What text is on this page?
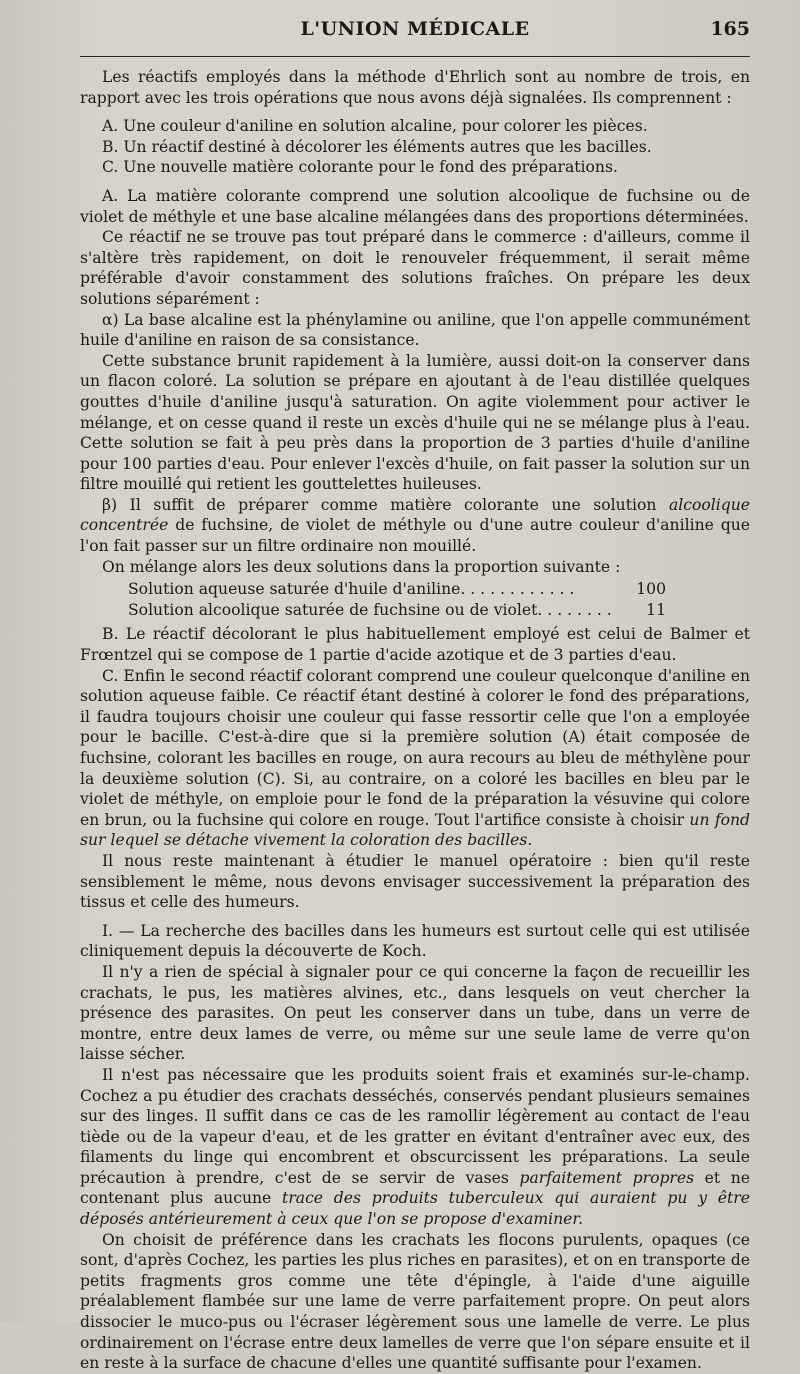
L'UNION MÉDICALE	165

Les réactifs employés dans la méthode d'Ehrlich sont au nombre de trois, en rapport avec les trois opérations que nous avons déjà signalées. Ils comprennent :

A. Une couleur d'aniline en solution alcaline, pour colorer les pièces.

B. Un réactif destiné à décolorer les éléments autres que les bacilles.

C. Une nouvelle matière colorante pour le fond des préparations.

A. La matière colorante comprend une solution alcoolique de fuchsine ou de violet de méthyle et une base alcaline mélangées dans des proportions déterminées.

Ce réactif ne se trouve pas tout préparé dans le commerce : d'ailleurs, comme il s'altère très rapidement, on doit le renouveler fréquemment, il serait même préférable d'avoir constamment des solutions fraîches. On prépare les deux solutions séparément :

α) La base alcaline est la phénylamine ou aniline, que l'on appelle communément huile d'aniline en raison de sa consistance.

Cette substance brunit rapidement à la lumière, aussi doit-on la conserver dans un flacon coloré. La solution se prépare en ajoutant à de l'eau distillée quelques gouttes d'huile d'aniline jusqu'à saturation. On agite violemment pour activer le mélange, et on cesse quand il reste un excès d'huile qui ne se mélange plus à l'eau. Cette solution se fait à peu près dans la proportion de 3 parties d'huile d'aniline pour 100 parties d'eau. Pour enlever l'excès d'huile, on fait passer la solution sur un filtre mouillé qui retient les gouttelettes huileuses.

β) Il suffit de préparer comme matière colorante une solution alcoolique concentrée de fuchsine, de violet de méthyle ou d'une autre couleur d'aniline que l'on fait passer sur un filtre ordinaire non mouillé.

On mélange alors les deux solutions dans la proportion suivante :

Solution aqueuse saturée d'huile d'aniline. . . . . . . . . . . .	100
Solution alcoolique saturée de fuchsine ou de violet. . . . . . . . 11

B. Le réactif décolorant le plus habituellement employé est celui de Balmer et Frœntzel qui se compose de 1 partie d'acide azotique et de 3 parties d'eau.

C. Enfin le second réactif colorant comprend une couleur quelconque d'aniline en solution aqueuse faible. Ce réactif étant destiné à colorer le fond des préparations, il faudra toujours choisir une couleur qui fasse ressortir celle que l'on a employée pour le bacille. C'est-à-dire que si la première solution (A) était composée de fuchsine, colorant les bacilles en rouge, on aura recours au bleu de méthylène pour la deuxième solution (C). Si, au contraire, on a coloré les bacilles en bleu par le violet de méthyle, on emploie pour le fond de la préparation la vésuvine qui colore en brun, ou la fuchsine qui colore en rouge. Tout l'artifice consiste à choisir un fond sur lequel se détache vivement la coloration des bacilles.

Il nous reste maintenant à étudier le manuel opératoire : bien qu'il reste sensiblement le même, nous devons envisager successivement la préparation des tissus et celle des humeurs.

I. — La recherche des bacilles dans les humeurs est surtout celle qui est utilisée cliniquement depuis la découverte de Koch.

Il n'y a rien de spécial à signaler pour ce qui concerne la façon de recueillir les crachats, le pus, les matières alvines, etc., dans lesquels on veut chercher la présence des parasites. On peut les conserver dans un tube, dans un verre de montre, entre deux lames de verre, ou même sur une seule lame de verre qu'on laisse sécher.

Il n'est pas nécessaire que les produits soient frais et examinés sur-le-champ. Cochez a pu étudier des crachats desséchés, conservés pendant plusieurs semaines sur des linges. Il suffit dans ce cas de les ramollir légèrement au contact de l'eau tiède ou de la vapeur d'eau, et de les gratter en évitant d'entraîner avec eux, des filaments du linge qui encombrent et obscurcissent les préparations. La seule précaution à prendre, c'est de se servir de vases parfaitement propres et ne contenant plus aucune trace des produits tuberculeux qui auraient pu y être déposés antérieurement à ceux que l'on se propose d'examiner.

On choisit de préférence dans les crachats les flocons purulents, opaques (ce sont, d'après Cochez, les parties les plus riches en parasites), et on en transporte de petits fragments gros comme une tête d'épingle, à l'aide d'une aiguille préalablement flambée sur une lame de verre parfaitement propre. On peut alors dissocier le muco-pus ou l'écraser légèrement sous une lamelle de verre. Le plus ordinairement on l'écrase entre deux lamelles de verre que l'on sépare ensuite et il en reste à la surface de chacune d'elles une quantité suffisante pour l'examen.
